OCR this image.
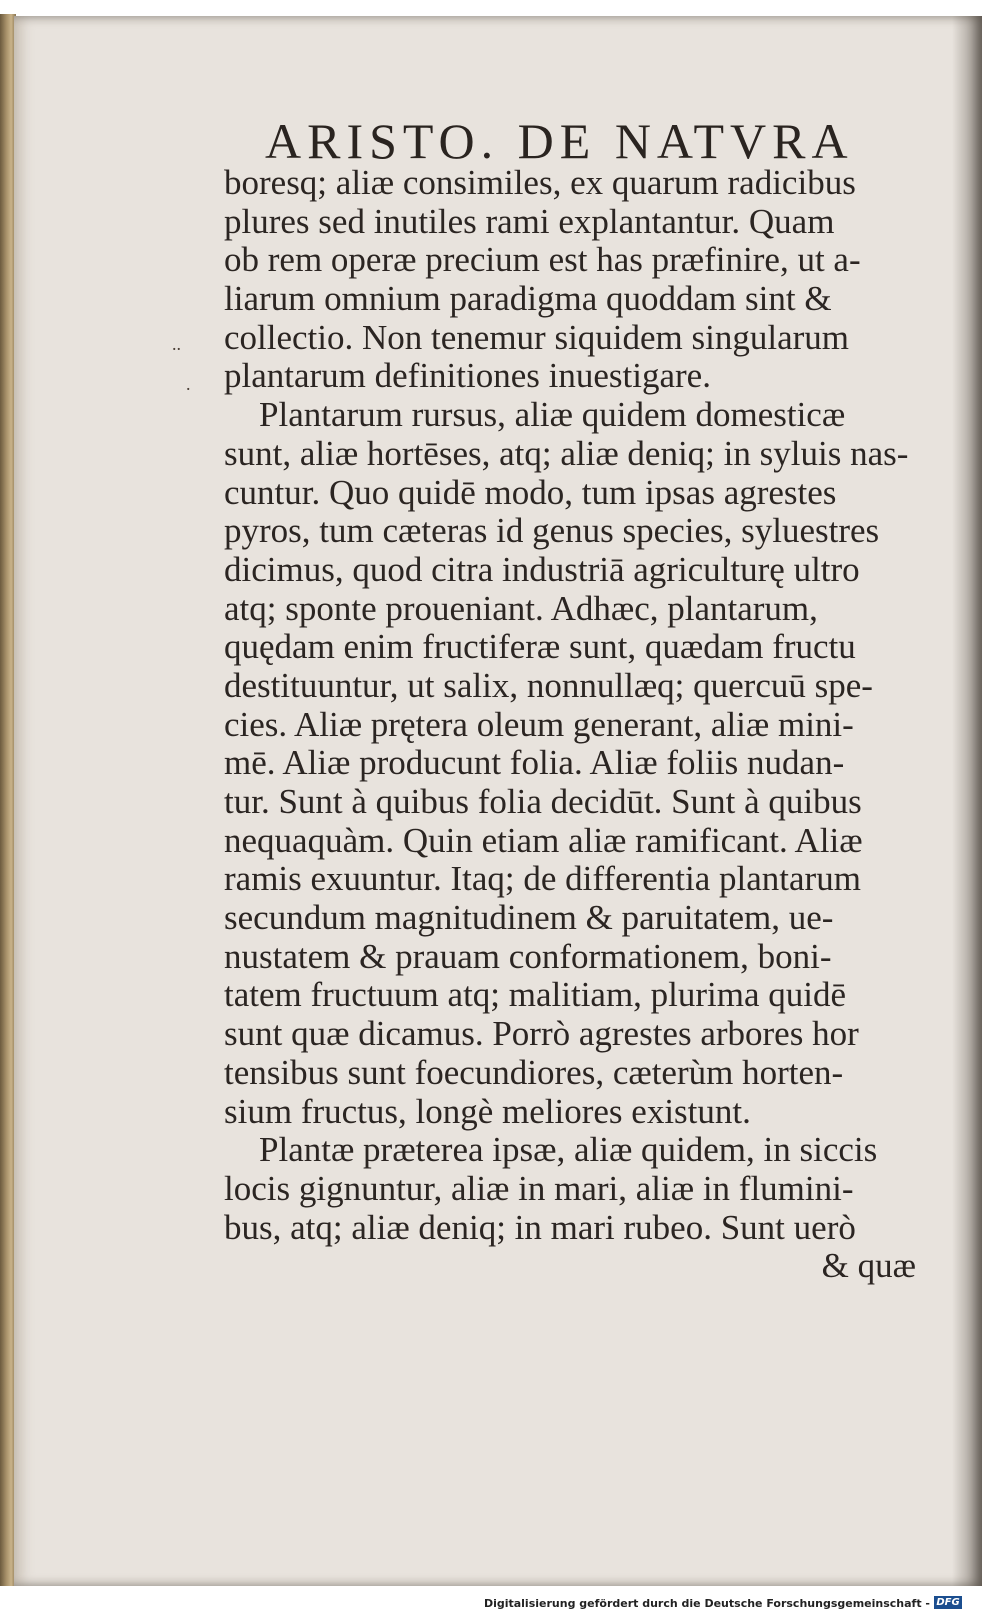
ARISTO. DE NATVRA
..
.
boresq; aliæ consimiles, ex quarum radicibus
plures sed inutiles rami explantantur. Quam
ob rem operæ precium est has præfinire, ut a-
liarum omnium paradigma quoddam sint &
collectio. Non tenemur siquidem singularum
plantarum definitiones inuestigare.
Plantarum rursus, aliæ quidem domesticæ
sunt, aliæ hortēses, atq; aliæ deniq; in syluis nas-
cuntur. Quo quidē modo, tum ipsas agrestes
pyros, tum cæteras id genus species, syluestres
dicimus, quod citra industriā agriculturę ultro
atq; sponte proueniant. Adhæc, plantarum,
quędam enim fructiferæ sunt, quædam fructu
destituuntur, ut salix, nonnullæq; quercuū spe-
cies. Aliæ prętera oleum generant, aliæ mini-
mē. Aliæ producunt folia. Aliæ foliis nudan-
tur. Sunt à quibus folia decidūt. Sunt à quibus
nequaquàm. Quin etiam aliæ ramificant. Aliæ
ramis exuuntur. Itaq; de differentia plantarum
secundum magnitudinem & paruitatem, ue-
nustatem & prauam conformationem, boni-
tatem fructuum atq; malitiam, plurima quidē
sunt quæ dicamus. Porrò agrestes arbores hor
tensibus sunt foecundiores, cæterùm horten-
sium fructus, longè meliores existunt.
Plantæ præterea ipsæ, aliæ quidem, in siccis
locis gignuntur, aliæ in mari, aliæ in flumini-
bus, atq; aliæ deniq; in mari rubeo. Sunt uerò
& quæ
Digitalisierung gefördert durch die Deutsche Forschungsgemeinschaft - DFG
